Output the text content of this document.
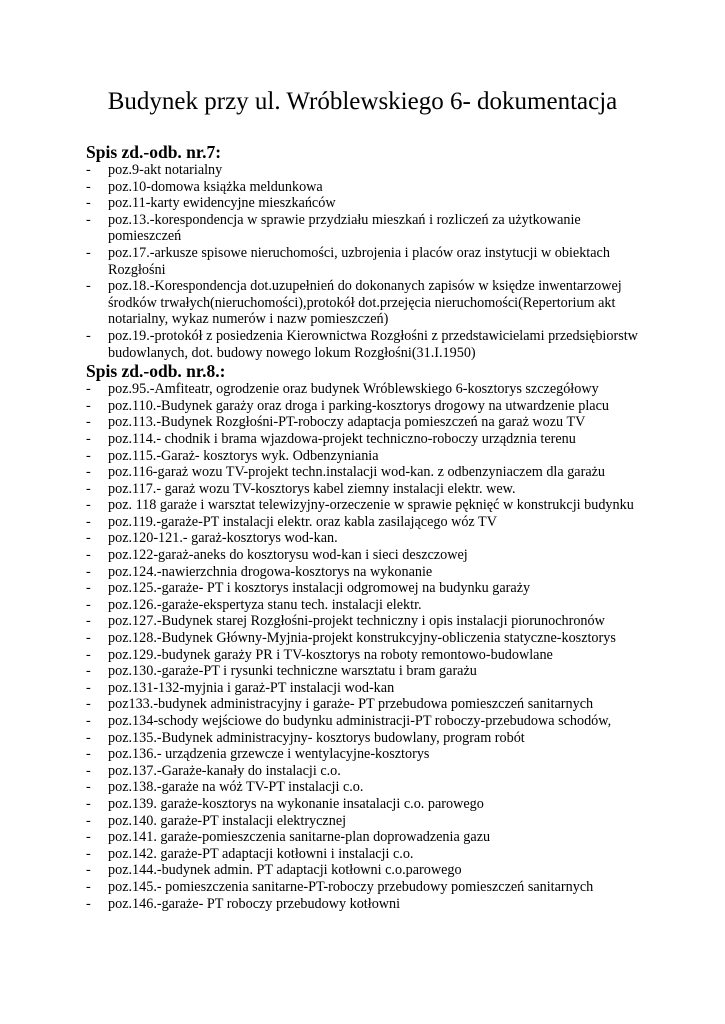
Budynek przy ul. Wróblewskiego 6- dokumentacja
Spis zd.-odb. nr.7:
-	poz.9-akt notarialny
-	poz.10-domowa książka meldunkowa
-	poz.11-karty ewidencyjne mieszkańców
-	poz.13.-korespondencja w sprawie przydziału mieszkań i rozliczeń za użytkowanie pomieszczeń
-	poz.17.-arkusze spisowe nieruchomości, uzbrojenia i placów oraz instytucji w obiektach Rozgłośni
-	poz.18.-Korespondencja dot.uzupełnień do dokonanych zapisów w księdze inwentarzowej środków trwałych(nieruchomości),protokół dot.przejęcia nieruchomości(Repertorium akt notarialny, wykaz numerów i nazw pomieszczeń)
-	poz.19.-protokół z posiedzenia Kierownictwa Rozgłośni z przedstawicielami przedsiębiorstw budowlanych, dot. budowy nowego lokum Rozgłośni(31.I.1950)
Spis zd.-odb. nr.8.:
-	poz.95.-Amfiteatr, ogrodzenie oraz budynek Wróblewskiego 6-kosztorys szczegółowy
-	poz.110.-Budynek garaży oraz droga i parking-kosztorys drogowy na utwardzenie placu
-	poz.113.-Budynek Rozgłośni-PT-roboczy adaptacja pomieszczeń na garaż wozu TV
-	poz.114.- chodnik i brama wjazdowa-projekt techniczno-roboczy urządznia terenu
-	poz.115.-Garaż- kosztorys wyk. Odbenzyniania
-	poz.116-garaż wozu TV-projekt techn.instalacji wod-kan. z odbenzyniaczem dla garażu
-	poz.117.- garaż wozu TV-kosztorys kabel ziemny instalacji elektr. wew.
-	poz. 118 garaże i warsztat telewizyjny-orzeczenie w sprawie pęknięć w konstrukcji budynku
-	poz.119.-garaże-PT instalacji elektr. oraz kabla zasilającego wóz TV
-	poz.120-121.- garaż-kosztorys wod-kan.
-	poz.122-garaż-aneks do kosztorysu wod-kan i sieci deszczowej
-	poz.124.-nawierzchnia drogowa-kosztorys na wykonanie
-	poz.125.-garaże- PT i kosztorys instalacji odgromowej na budynku garaży
-	poz.126.-garaże-ekspertyza stanu tech. instalacji elektr.
-	poz.127.-Budynek starej Rozgłośni-projekt techniczny i opis instalacji piorunochronów
-	poz.128.-Budynek Główny-Myjnia-projekt konstrukcyjny-obliczenia statyczne-kosztorys
-	poz.129.-budynek garaży PR i TV-kosztorys na roboty remontowo-budowlane
-	poz.130.-garaże-PT i rysunki techniczne warsztatu i bram garażu
-	poz.131-132-myjnia i garaż-PT instalacji wod-kan
-	poz133.-budynek administracyjny i garaże- PT przebudowa pomieszczeń sanitarnych
-	poz.134-schody wejściowe do budynku administracji-PT roboczy-przebudowa schodów,
-	poz.135.-Budynek administracyjny- kosztorys budowlany, program robót
-	poz.136.- urządzenia grzewcze i wentylacyjne-kosztorys
-	poz.137.-Garaże-kanały do instalacji c.o.
-	poz.138.-garaże na wóż TV-PT instalacji c.o.
-	poz.139. garaże-kosztorys na wykonanie insatalacji c.o. parowego
-	poz.140. garaże-PT instalacji elektrycznej
-	poz.141. garaże-pomieszczenia sanitarne-plan doprowadzenia gazu
-	poz.142. garaże-PT adaptacji kotłowni i instalacji c.o.
-	poz.144.-budynek admin. PT adaptacji kotłowni c.o.parowego
-	poz.145.- pomieszczenia sanitarne-PT-roboczy przebudowy pomieszczeń sanitarnych
-	poz.146.-garaże- PT roboczy przebudowy kotłowni
